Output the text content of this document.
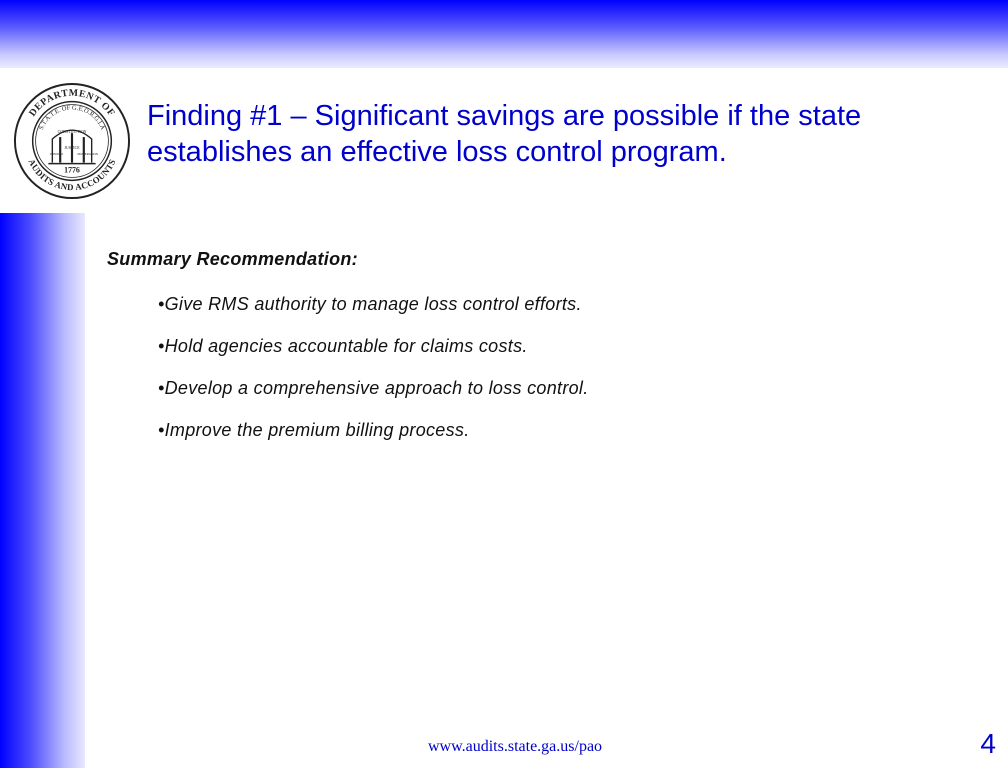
DEPARTMENT OF
AUDITS AND ACCOUNTS
S.T.A.T.E. OF G.E.O.R.G.I.A
CONSTITUTION
JUSTICE
WISDOM	MODERATION
1776
Finding #1 – Significant savings are possible if the state establishes an effective loss control program.

Summary Recommendation:

•Give RMS authority to manage loss control efforts.
•Hold agencies accountable for claims costs.
•Develop a comprehensive approach to loss control.
•Improve the premium billing process.
www.audits.state.ga.us/pao	4
